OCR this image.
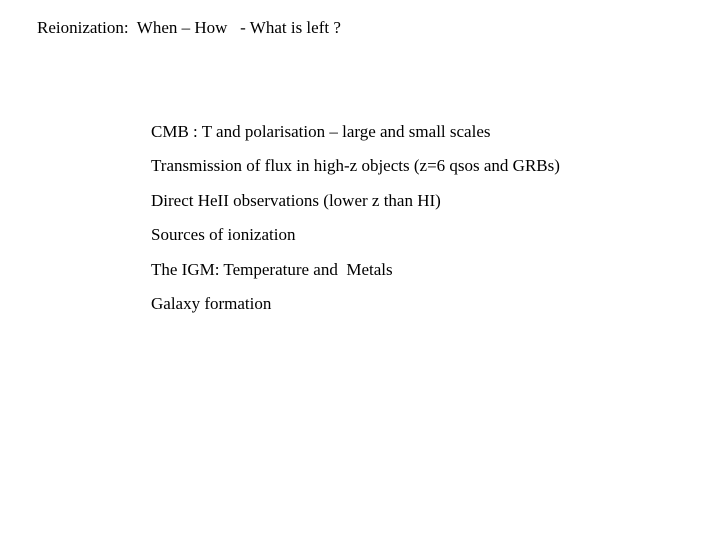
Reionization:  When – How   - What is left ?
CMB : T and polarisation – large and small scales
Transmission of flux in high-z objects (z=6 qsos and GRBs)
Direct HeII observations (lower z than HI)
Sources of ionization
The IGM: Temperature and  Metals
Galaxy formation
